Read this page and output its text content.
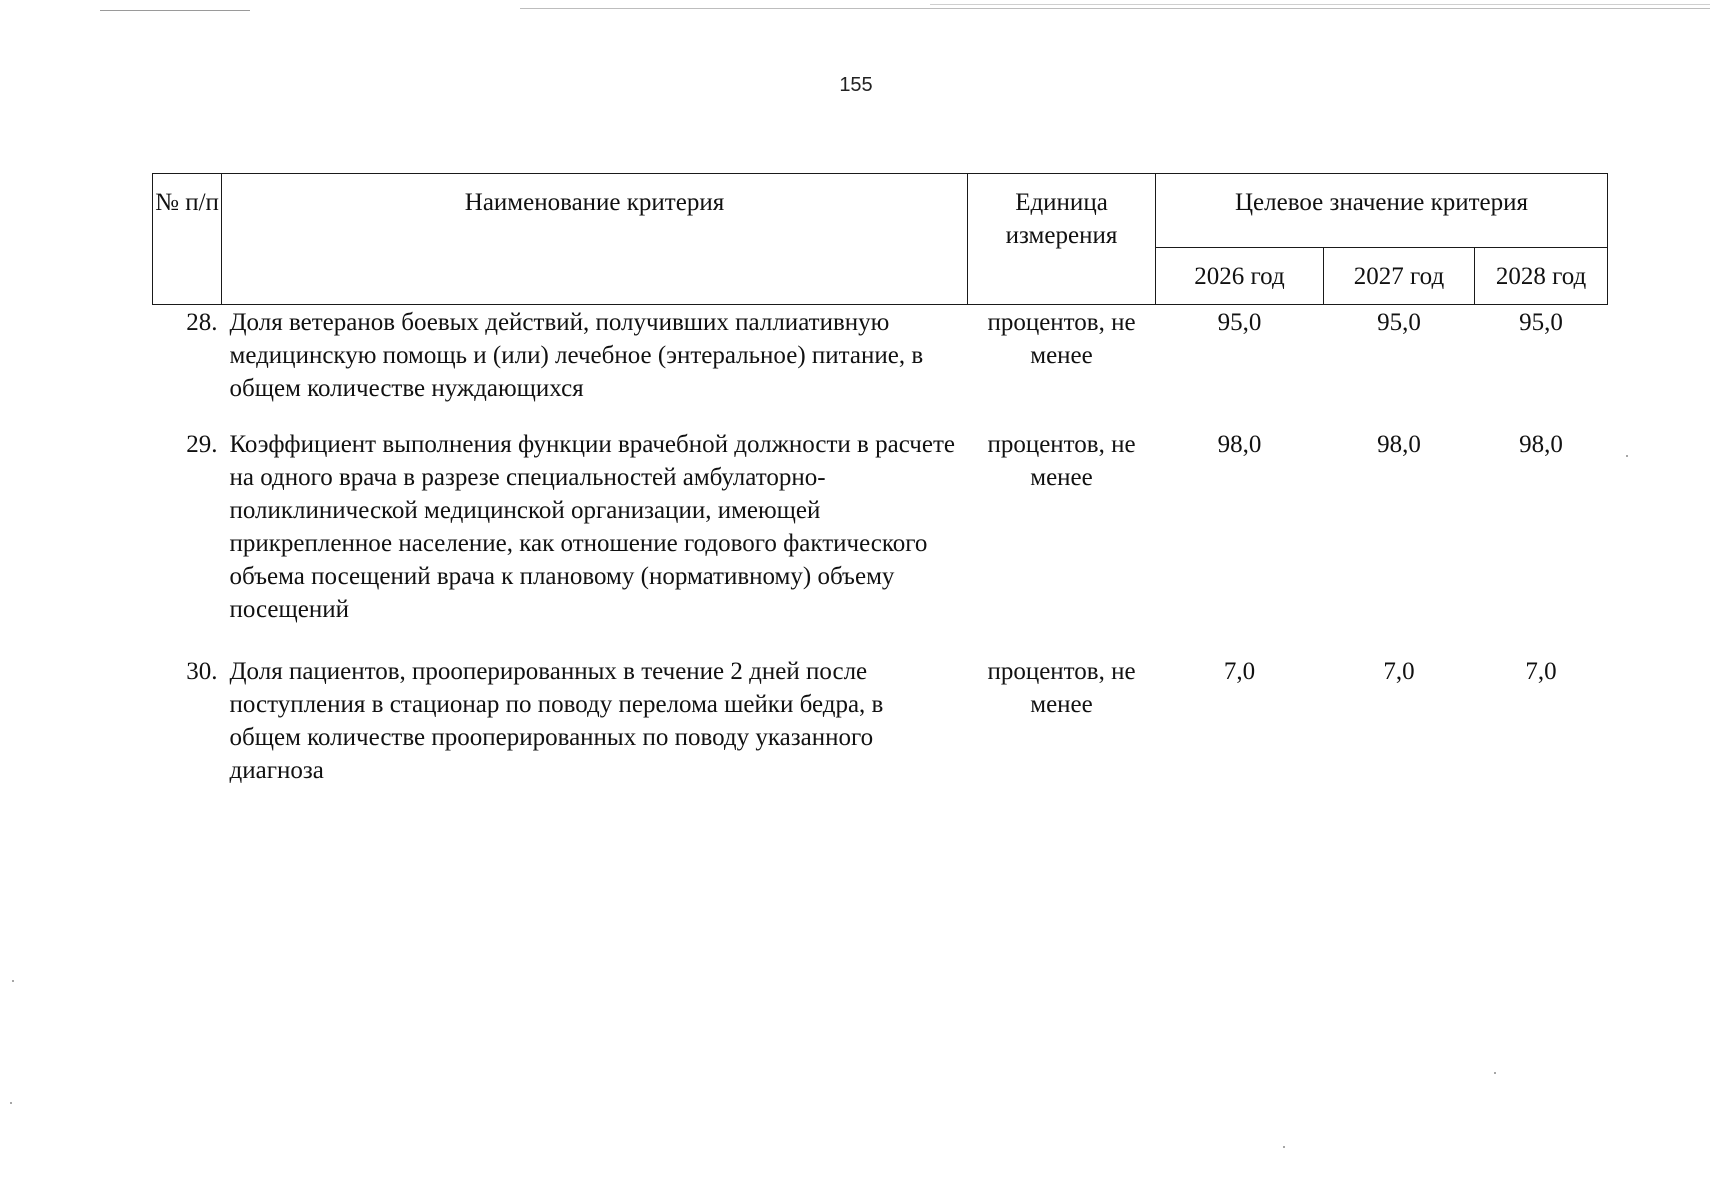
155
№ п/п	Наименование критерия	Единица измерения	Целевое значение критерия		
			2026 год	2027 год	2028 год
28.	Доля ветеранов боевых действий, получивших паллиативную медицинскую помощь и (или) лечебное (энтеральное) питание, в общем количестве нуждающихся	процентов, не менее	95,0	95,0	95,0

29.	Коэффициент выполнения функции врачебной должности в расчете на одного врача в разрезе специальностей амбулаторно-поликлинической медицинской организации, имеющей прикрепленное население, как отношение годового фактического объема посещений врача к плановому (нормативному) объему посещений	процентов, не менее	98,0	98,0	98,0

30.	Доля пациентов, прооперированных в течение 2 дней после поступления в стационар по поводу перелома шейки бедра, в общем количестве прооперированных по поводу указанного диагноза	процентов, не менее	7,0	7,0	7,0
